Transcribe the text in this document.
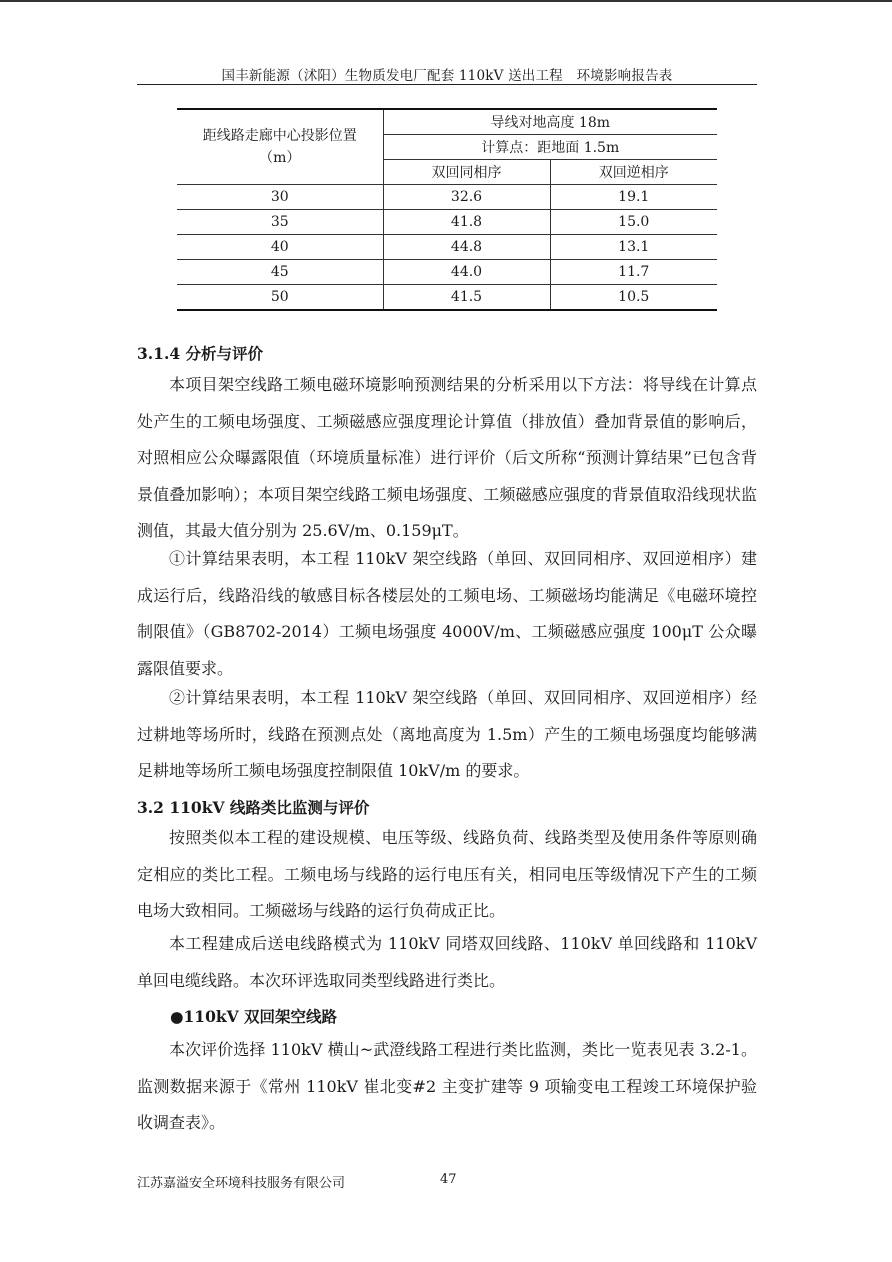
国丰新能源（沭阳）生物质发电厂配套 110kV 送出工程　环境影响报告表
距线路走廊中心投影位置
（m）	导线对地高度 18m	
	计算点：距地面 1.5m	
	双回同相序	双回逆相序
30	32.6	19.1
35	41.8	15.0
40	44.8	13.1
45	44.0	11.7
50	41.5	10.5
3.1.4 分析与评价

本项目架空线路工频电磁环境影响预测结果的分析采用以下方法：将导线在计算点处产生的工频电场强度、工频磁感应强度理论计算值（排放值）叠加背景值的影响后，对照相应公众曝露限值（环境质量标准）进行评价（后文所称“预测计算结果”已包含背景值叠加影响）；本项目架空线路工频电场强度、工频磁感应强度的背景值取沿线现状监测值，其最大值分别为 25.6V/m、0.159μT。

①计算结果表明，本工程 110kV 架空线路（单回、双回同相序、双回逆相序）建成运行后，线路沿线的敏感目标各楼层处的工频电场、工频磁场均能满足《电磁环境控制限值》（GB8702-2014）工频电场强度 4000V/m、工频磁感应强度 100μT 公众曝露限值要求。

②计算结果表明，本工程 110kV 架空线路（单回、双回同相序、双回逆相序）经过耕地等场所时，线路在预测点处（离地高度为 1.5m）产生的工频电场强度均能够满足耕地等场所工频电场强度控制限值 10kV/m 的要求。

3.2 110kV 线路类比监测与评价

按照类似本工程的建设规模、电压等级、线路负荷、线路类型及使用条件等原则确定相应的类比工程。工频电场与线路的运行电压有关，相同电压等级情况下产生的工频电场大致相同。工频磁场与线路的运行负荷成正比。

本工程建成后送电线路模式为 110kV 同塔双回线路、110kV 单回线路和 110kV 单回电缆线路。本次环评选取同类型线路进行类比。

●110kV 双回架空线路

本次评价选择 110kV 横山~武澄线路工程进行类比监测，类比一览表见表 3.2-1。监测数据来源于《常州 110kV 崔北变#2 主变扩建等 9 项输变电工程竣工环境保护验收调查表》。

江苏嘉溢安全环境科技服务有限公司	47
